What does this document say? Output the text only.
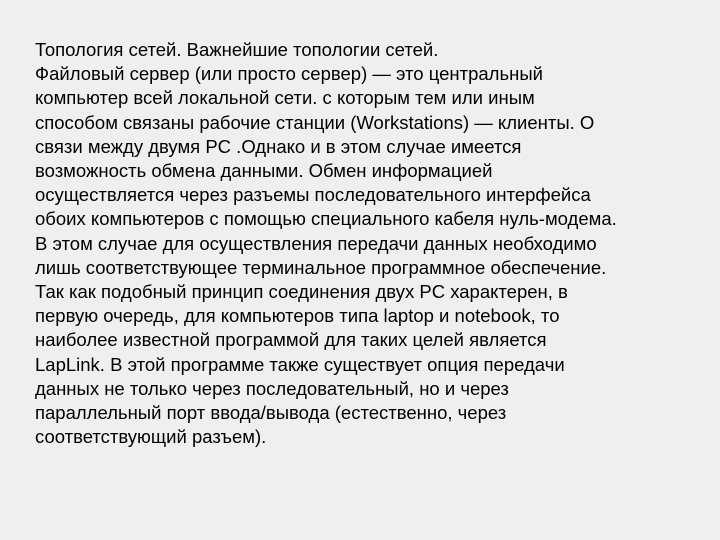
Топология сетей. Важнейшие топологии сетей.
Файловый сервер (или просто сервер) — это центральный
компьютер всей локальной сети. с которым тем или иным
способом связаны рабочие станции (Workstations) — клиенты. О
связи между двумя PC .Однако и в этом случае имеется
возможность обмена данными. Обмен информацией
осуществляется через разъемы последовательного интерфейса
обоих компьютеров с помощью специального кабеля нуль-модема.
В этом случае для осуществления передачи данных необходимо
лишь соответствующее терминальное программное обеспечение.
Так как подобный принцип соединения двух PC характерен, в
первую очередь, для компьютеров типа laptop и notebook, то
наиболее известной программой для таких целей является
LapLink. В этой программе также существует опция передачи
данных не только через последовательный, но и через
параллельный порт ввода/вывода (естественно, через
соответствующий разъем).
